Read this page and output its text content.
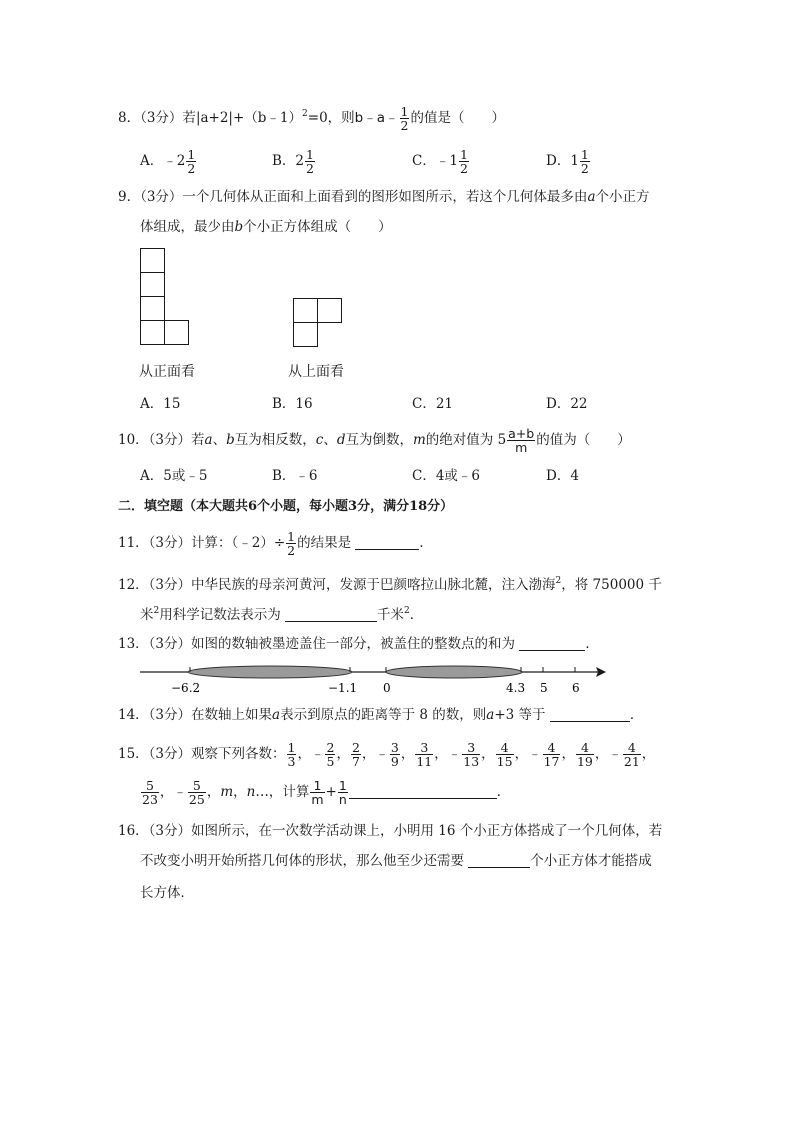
8．（3分）若|a+2|+（b﹣1）$^2$=0，则b﹣a﹣ $\frac{1}{2}$ 的值是（　　）
A．﹣2 $\frac{1}{2}$	B．$2 \frac{1}{2}$	C．﹣1 $\frac{1}{2}$	D．$1 \frac{1}{2}$
9．（3分）一个几何体从正面和上面看到的图形如图所示，若这个几何体最多由a个小正方
体组成，最少由b个小正方体组成（　　）
从正面看	从上面看
A．15	B．16	C．21	D．22
10．（3分）若a、b互为相反数，c、d互为倒数，m的绝对值为 $5 \frac{a+b}{m}$ 的值为（　　）
A．5或﹣5	B．﹣6	C．4或﹣6	D．4
二．填空题（本大题共6个小题，每小题3分，满分18分）
11．（3分）计算：（﹣2）÷ $\frac{1}{2}$ 的结果是	．
12．（3分）中华民族的母亲河黄河，发源于巴颜喀拉山脉北麓，注入渤海$^2$，将 750000 千
米$^2$用科学记数法表示为	千米$^2$．
13．（3分）如图的数轴被墨迹盖住一部分，被盖住的整数点的和为	．
−6.2	−1.1 0	4.3 5 6
14．（3分）在数轴上如果a表示到原点的距离等于 8 的数，则a+3 等于	．
15．（3分）观察下列各数： $\frac{1}{3}$ ，﹣ $\frac{2}{5}$ ， $\frac{2}{7}$ ，﹣ $\frac{3}{9}$ ， $\frac{3}{11}$ ，﹣ $\frac{3}{13}$ ， $\frac{4}{15}$ ，﹣ $\frac{4}{17}$ ， $\frac{4}{19}$ ，﹣ $\frac{4}{21}$ ，
$\frac{5}{23}$ ，﹣ $\frac{5}{25}$ ，m，n…，计算 $\frac{1}{m} + \frac{1}{n}$	．
16．（3分）如图所示，在一次数学活动课上，小明用 16 个小正方体搭成了一个几何体，若
不改变小明开始所搭几何体的形状，那么他至少还需要	个小正方体才能搭成
长方体．
